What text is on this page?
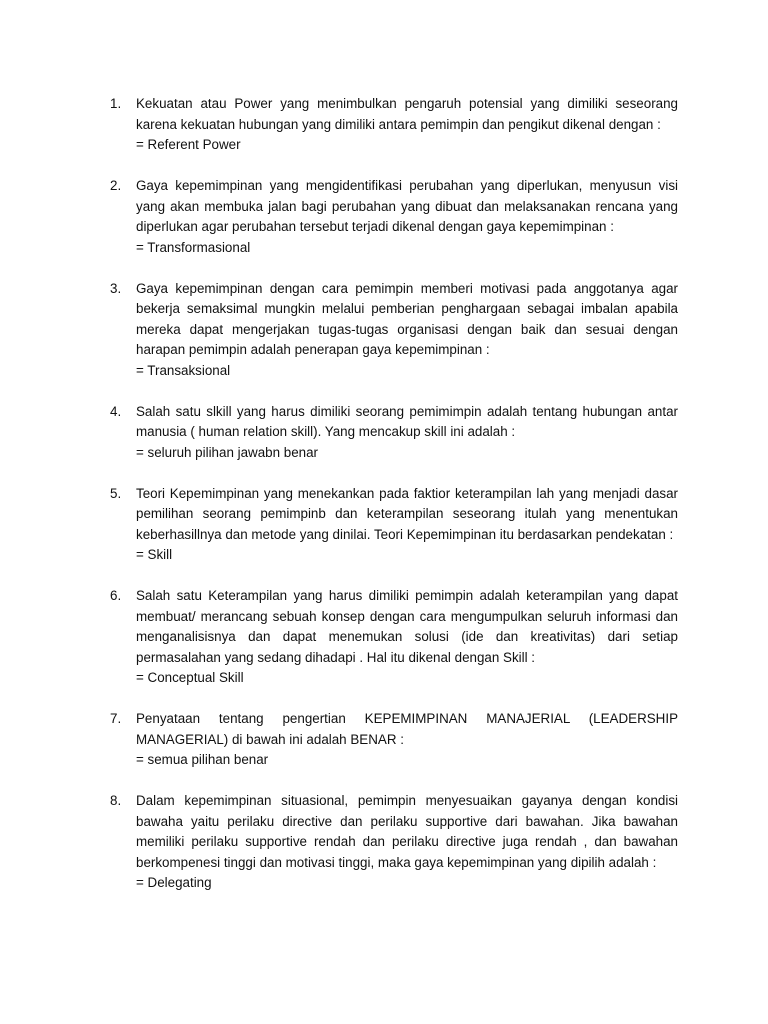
1.	Kekuatan atau Power yang menimbulkan pengaruh potensial yang dimiliki seseorang karena kekuatan hubungan yang dimiliki antara pemimpin dan pengikut dikenal dengan :
= Referent Power
2.	Gaya kepemimpinan yang mengidentifikasi perubahan yang diperlukan, menyusun visi yang akan membuka jalan bagi perubahan yang dibuat dan melaksanakan rencana yang diperlukan agar perubahan tersebut terjadi dikenal dengan gaya kepemimpinan :
= Transformasional
3.	Gaya kepemimpinan dengan cara pemimpin memberi motivasi pada anggotanya agar bekerja semaksimal mungkin melalui pemberian penghargaan sebagai imbalan apabila mereka dapat mengerjakan tugas-tugas organisasi dengan baik dan sesuai dengan harapan pemimpin adalah penerapan gaya kepemimpinan :
= Transaksional
4.	Salah satu slkill yang harus dimiliki seorang pemimimpin adalah tentang hubungan antar manusia ( human relation skill). Yang mencakup skill ini adalah :
= seluruh pilihan jawabn benar
5.	Teori Kepemimpinan yang menekankan pada faktior keterampilan lah yang menjadi dasar pemilihan seorang pemimpinb dan keterampilan seseorang itulah yang menentukan keberhasillnya dan metode yang dinilai. Teori Kepemimpinan itu berdasarkan pendekatan :
= Skill
6.	Salah satu Keterampilan yang harus dimiliki pemimpin adalah keterampilan yang dapat membuat/ merancang sebuah konsep dengan cara mengumpulkan seluruh informasi dan menganalisisnya dan dapat menemukan solusi (ide dan kreativitas) dari setiap permasalahan yang sedang dihadapi . Hal itu dikenal dengan Skill :
= Conceptual Skill
7.	Penyataan tentang pengertian KEPEMIMPINAN MANAJERIAL (LEADERSHIP MANAGERIAL) di bawah ini adalah BENAR :
= semua pilihan benar
8.	Dalam kepemimpinan situasional, pemimpin menyesuaikan gayanya dengan kondisi bawaha yaitu perilaku directive dan perilaku supportive dari bawahan. Jika bawahan memiliki perilaku supportive rendah dan perilaku directive juga rendah , dan bawahan berkompenesi tinggi dan motivasi tinggi, maka gaya kepemimpinan yang dipilih adalah :
= Delegating
